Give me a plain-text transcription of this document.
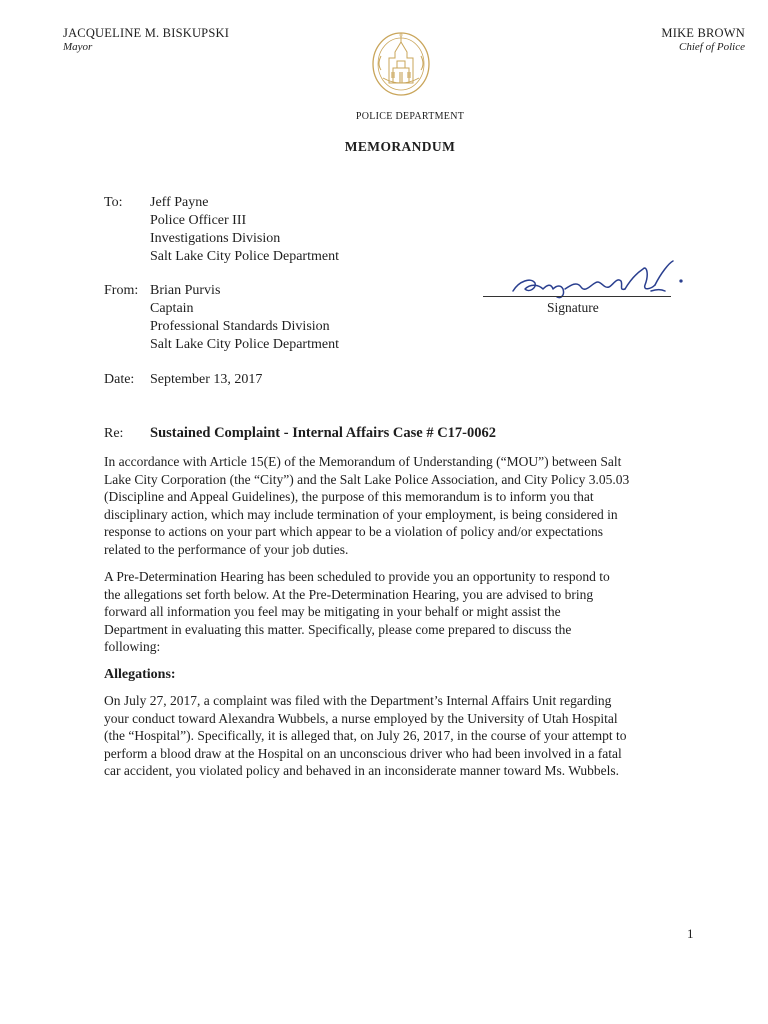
JACQUELINE M. BISKUPSKI
Mayor
MIKE BROWN
Chief of Police
POLICE DEPARTMENT
MEMORANDUM
To: Jeff Payne
Police Officer III
Investigations Division
Salt Lake City Police Department
From: Brian Purvis
Captain
Professional Standards Division
Salt Lake City Police Department
Signature
Date: September 13, 2017
Re: Sustained Complaint - Internal Affairs Case # C17-0062
In accordance with Article 15(E) of the Memorandum of Understanding (“MOU”) between Salt
Lake City Corporation (the “City”) and the Salt Lake Police Association, and City Policy 3.05.03
(Discipline and Appeal Guidelines), the purpose of this memorandum is to inform you that
disciplinary action, which may include termination of your employment, is being considered in
response to actions on your part which appear to be a violation of policy and/or expectations
related to the performance of your job duties.
A Pre-Determination Hearing has been scheduled to provide you an opportunity to respond to
the allegations set forth below. At the Pre-Determination Hearing, you are advised to bring
forward all information you feel may be mitigating in your behalf or might assist the
Department in evaluating this matter. Specifically, please come prepared to discuss the
following:
Allegations:
On July 27, 2017, a complaint was filed with the Department’s Internal Affairs Unit regarding
your conduct toward Alexandra Wubbels, a nurse employed by the University of Utah Hospital
(the “Hospital”). Specifically, it is alleged that, on July 26, 2017, in the course of your attempt to
perform a blood draw at the Hospital on an unconscious driver who had been involved in a fatal
car accident, you violated policy and behaved in an inconsiderate manner toward Ms. Wubbels.
1
